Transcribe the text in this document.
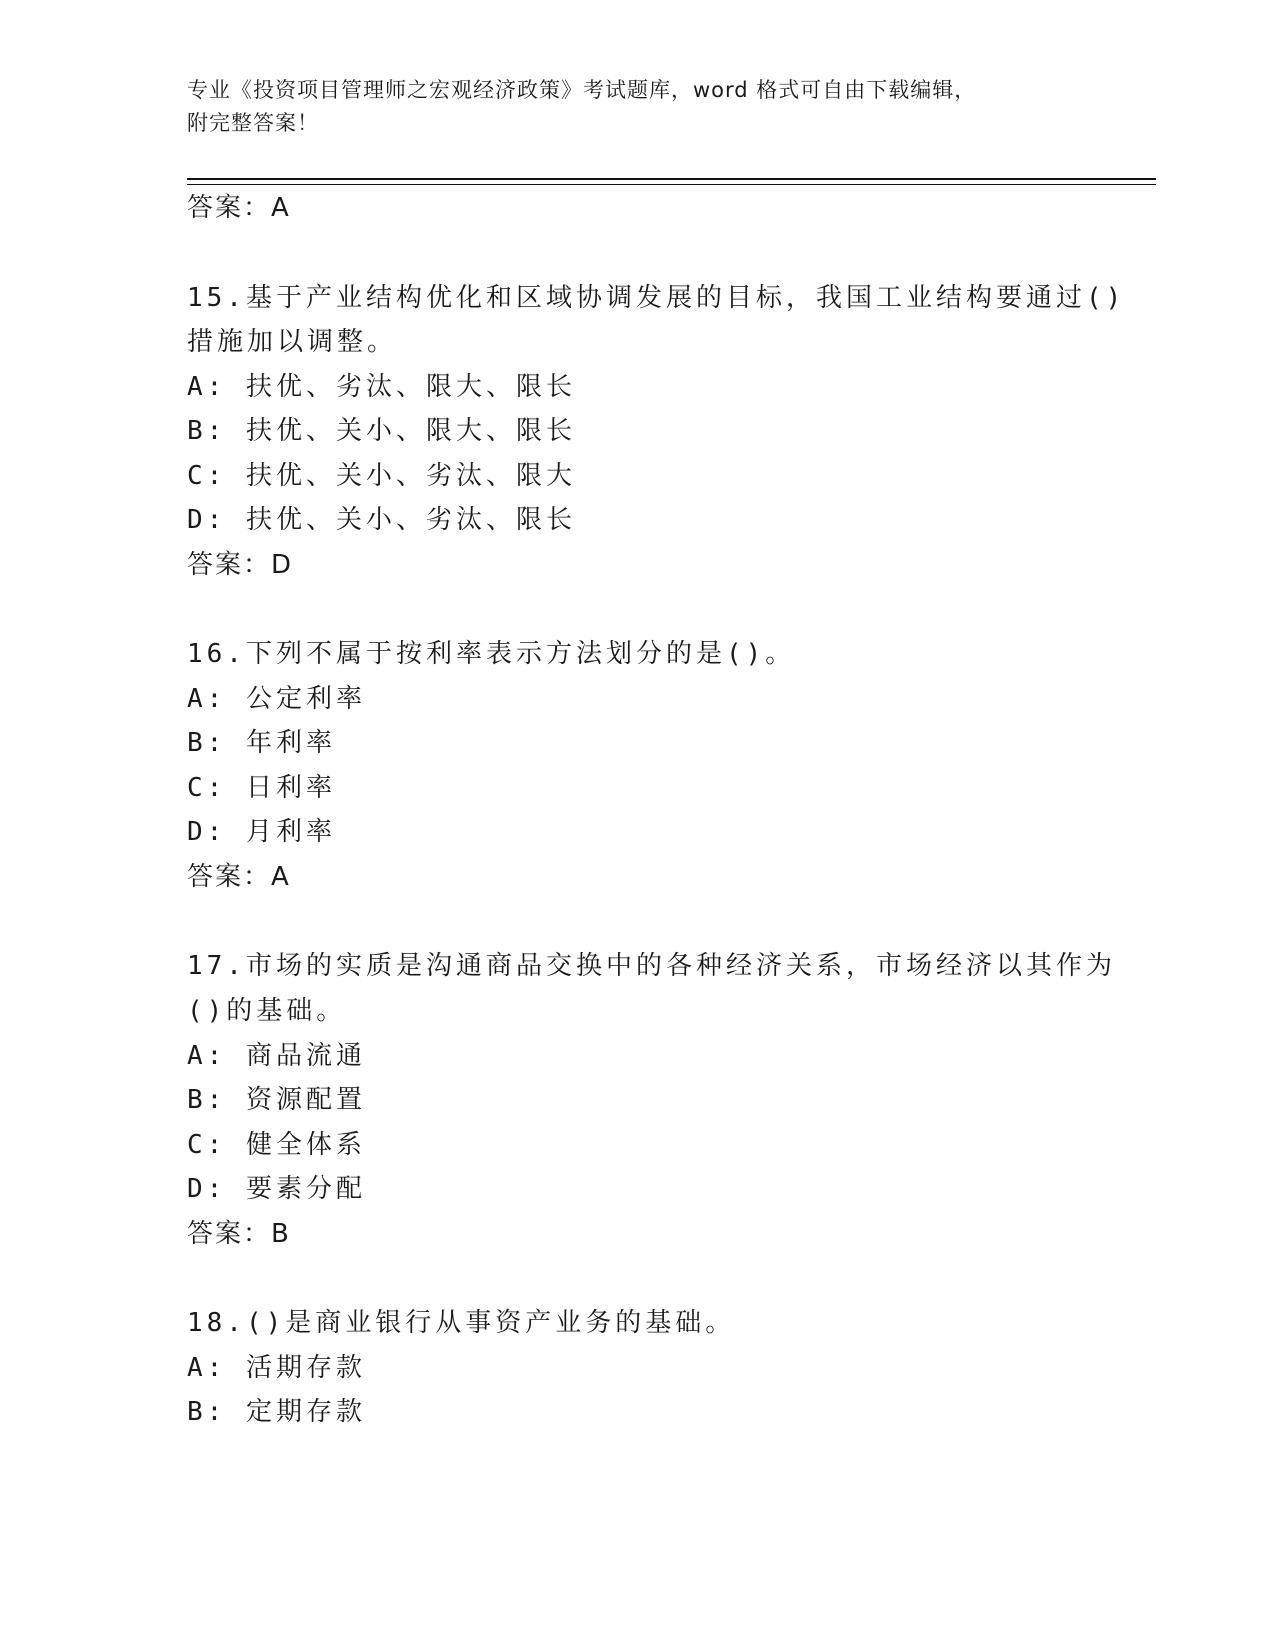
专业《投资项目管理师之宏观经济政策》考试题库，word 格式可自由下载编辑，
附完整答案！
答案：A
15.基于产业结构优化和区域协调发展的目标，我国工业结构要通过()
措施加以调整。
A: 扶优、劣汰、限大、限长
B: 扶优、关小、限大、限长
C: 扶优、关小、劣汰、限大
D: 扶优、关小、劣汰、限长
答案：D
16.下列不属于按利率表示方法划分的是()。
A: 公定利率
B: 年利率
C: 日利率
D: 月利率
答案：A
17.市场的实质是沟通商品交换中的各种经济关系，市场经济以其作为
()的基础。
A: 商品流通
B: 资源配置
C: 健全体系
D: 要素分配
答案：B
18.()是商业银行从事资产业务的基础。
A: 活期存款
B: 定期存款
